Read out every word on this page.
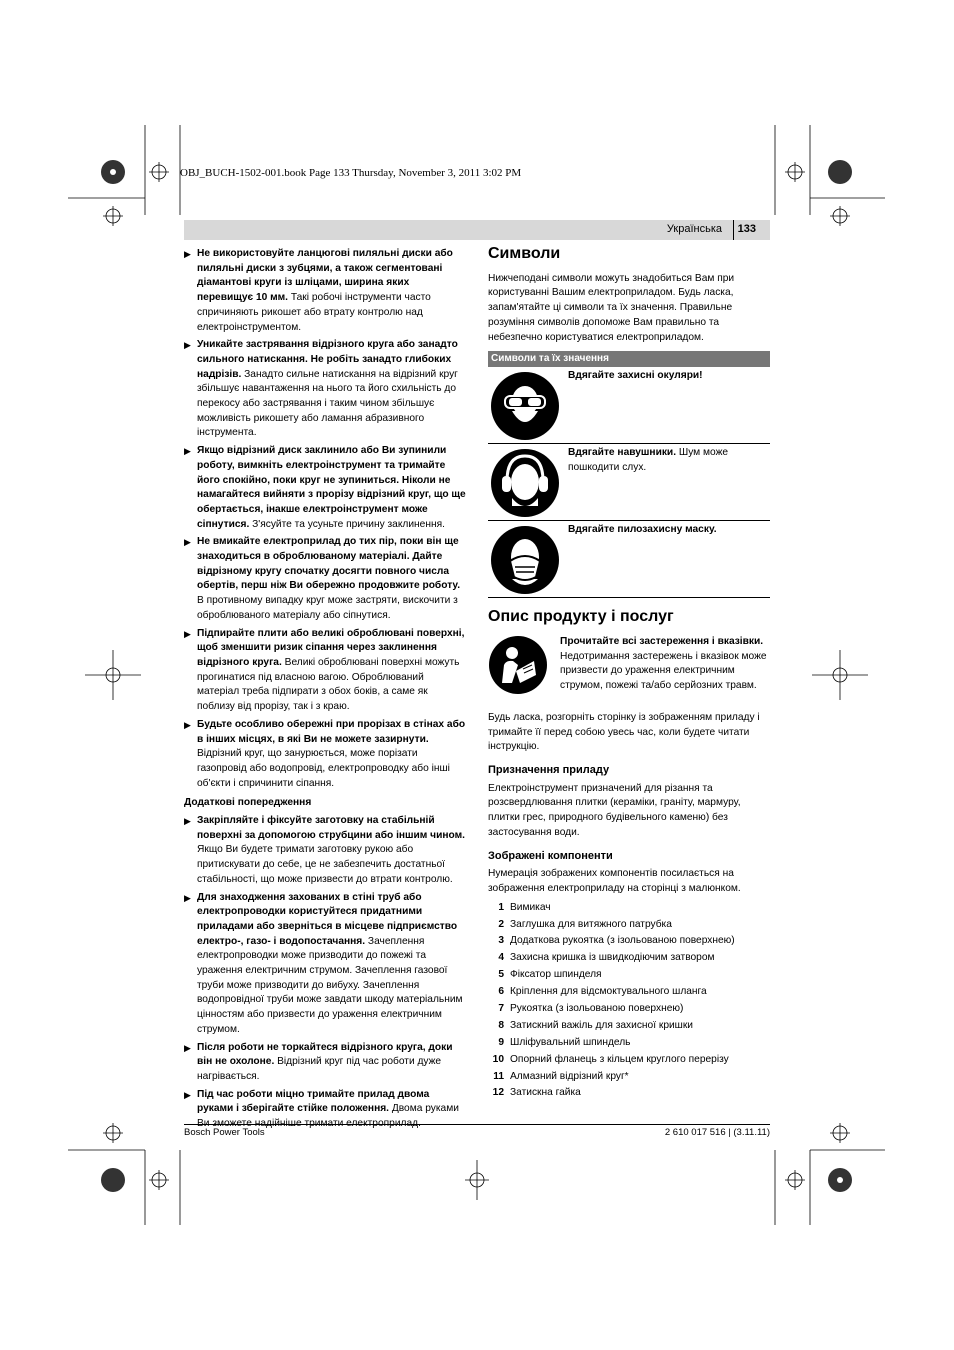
OBJ_BUCH-1502-001.book Page 133 Thursday, November 3, 2011 3:02 PM
Українська 133
▶ Не використовуйте ланцюгові пиляльні диски або пиляльні диски з зубцями, а також сегментовані діамантові круги із шліцами, ширина яких перевищує 10 мм. Такі робочі інструменти часто спричиняють рикошет або втрату контролю над електроінструментом.
▶ Уникайте застрявання відрізного круга або занадто сильного натискання. Не робіть занадто глибоких надрізів. Занадто сильне натискання на відрізний круг збільшує навантаження на нього та його схильність до перекосу або застрявання і таким чином збільшує можливість рикошету або ламання абразивного інструмента.
▶ Якщо відрізний диск заклинило або Ви зупинили роботу, вимкніть електроінструмент та тримайте його спокійно, поки круг не зупиниться. Ніколи не намагайтеся вийняти з прорізу відрізний круг, що ще обертається, інакше електроінструмент може сіпнутися. З'ясуйте та усуньте причину заклинення.
▶ Не вмикайте електроприлад до тих пір, поки він ще знаходиться в оброблюваному матеріалі. Дайте відрізному кругу спочатку досягти повного числа обертів, перш ніж Ви обережно продовжите роботу. В противному випадку круг може застряти, вискочити з оброблюваного матеріалу або сіпнутися.
▶ Підпирайте плити або великі оброблювані поверхні, щоб зменшити ризик сіпання через заклинення відрізного круга. Великі оброблювані поверхні можуть прогинатися під власною вагою. Оброблюваний матеріал треба підпирати з обох боків, а саме як поблизу від прорізу, так і з краю.
▶ Будьте особливо обережні при прорізах в стінах або в інших місцях, в які Ви не можете зазирнути. Відрізний круг, що занурюється, може порізати газопровід або водопровід, електропроводку або інші об'єкти і спричинити сіпання.
Додаткові попередження
▶ Закріпляйте і фіксуйте заготовку на стабільній поверхні за допомогою струбцини або іншим чином. Якщо Ви будете тримати заготовку рукою або притискувати до себе, це не забезпечить достатньої стабільності, що може призвести до втрати контролю.
▶ Для знаходження захованих в стіні труб або електропроводки користуйтеся придатними приладами або зверніться в місцеве підприємство електро-, газо- і водопостачання. Зачеплення електропроводки може призводити до пожежі та ураження електричним струмом. Зачеплення газової труби може призводити до вибуху. Зачеплення водопровідної труби може завдати шкоду матеріальним цінностям або призвести до ураження електричним струмом.
▶ Після роботи не торкайтеся відрізного круга, доки він не охолоне. Відрізний круг під час роботи дуже нагрівається.
▶ Під час роботи міцно тримайте прилад двома руками і зберігайте стійке положення. Двома руками
Символи
Нижчеподані символи можуть знадобиться Вам при користуванні Вашим електроприладом. Будь ласка, запам'ятайте ці символи та їх значення. Правильне розуміння символів допоможе Вам правильно та небезпечно користуватися електроприладом.
Символи та їх значення
Вдягайте захисні окуляри!
Вдягайте навушники. Шум може пошкодити слух.
Вдягайте пилозахисну маску.
Опис продукту і послуг
Прочитайте всі застереження і вказівки. Недотримання застережень і вказівок може призвести до ураження електричним струмом, пожежі та/або серйозних травм.
Будь ласка, розгорніть сторінку із зображенням приладу і тримайте її перед собою увесь час, коли будете читати інструкцію.
Призначення приладу
Електроінструмент призначений для різання та розсвердлювання плитки (кераміки, граніту, мармуру, плитки грес, природного будівельного каменю) без застосування води.
Зображені компоненти
Нумерація зображених компонентів посилається на зображення електроприладу на сторінці з малюнком.
1 Вимикач
2 Заглушка для витяжного патрубка
3 Додаткова рукоятка (з ізольованою поверхнею)
4 Захисна кришка із швидкодіючим затвором
5 Фіксатор шпинделя
6 Кріплення для відсмоктувального шланга
7 Рукоятка (з ізольованою поверхнею)
8 Затискний важіль для захисної кришки
9 Шліфувальний шпиндель
10 Опорний фланець з кільцем круглого перерізу
11 Алмазний відрізний круг*
12 Затискна гайка
Bosch Power Tools	2 610 017 516 | (3.11.11)
